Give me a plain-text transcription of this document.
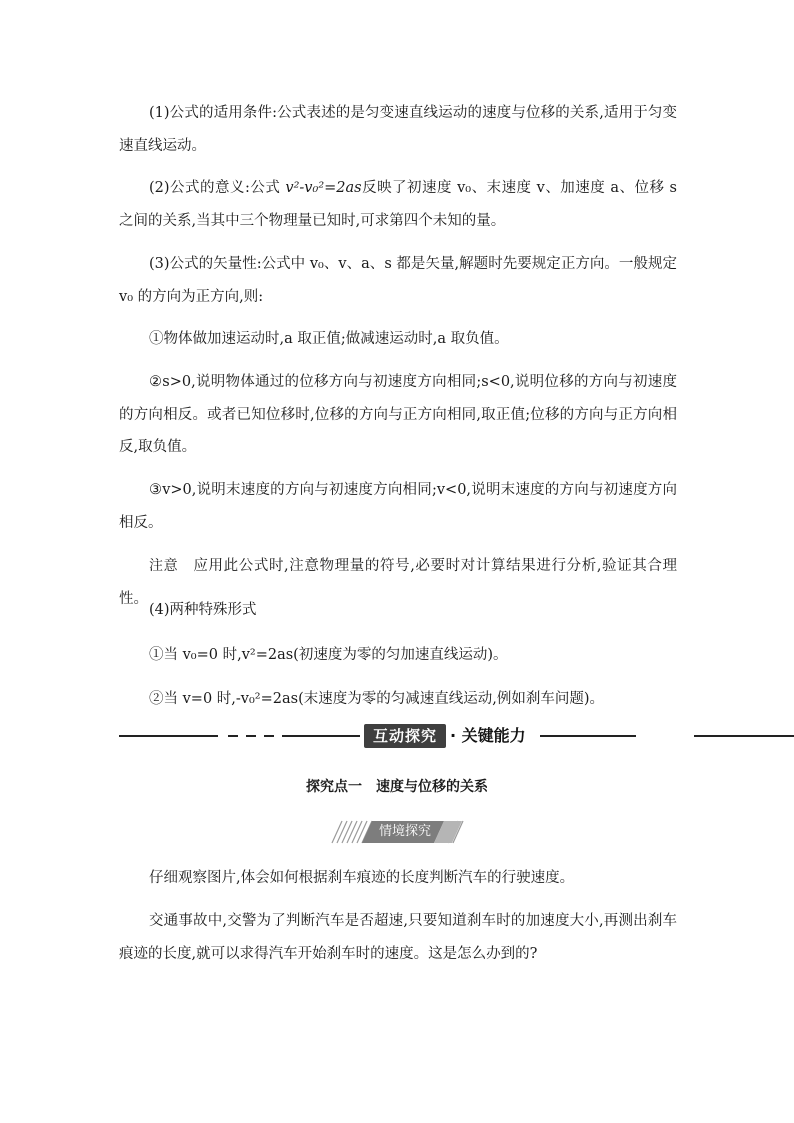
(1)公式的适用条件:公式表述的是匀变速直线运动的速度与位移的关系,适用于匀变速直线运动。

(2)公式的意义:公式 v²-v₀²=2as反映了初速度 v₀、末速度 v、加速度 a、位移 s 之间的关系,当其中三个物理量已知时,可求第四个未知的量。

(3)公式的矢量性:公式中 v₀、v、a、s 都是矢量,解题时先要规定正方向。一般规定 v₀ 的方向为正方向,则:

①物体做加速运动时,a 取正值;做减速运动时,a 取负值。

②s>0,说明物体通过的位移方向与初速度方向相同;s<0,说明位移的方向与初速度的方向相反。或者已知位移时,位移的方向与正方向相同,取正值;位移的方向与正方向相反,取负值。

③v>0,说明末速度的方向与初速度方向相同;v<0,说明末速度的方向与初速度方向相反。

注意　 应用此公式时,注意物理量的符号,必要时对计算结果进行分析,验证其合理性。

(4)两种特殊形式

①当 v₀=0 时,v²=2as(初速度为零的匀加速直线运动)。

②当 v=0 时,-v₀²=2as(末速度为零的匀减速直线运动,例如刹车问题)。

互动探究 · 关键能力
探究点一　速度与位移的关系
情境探究

仔细观察图片,体会如何根据刹车痕迹的长度判断汽车的行驶速度。

交通事故中,交警为了判断汽车是否超速,只要知道刹车时的加速度大小,再测出刹车痕迹的长度,就可以求得汽车开始刹车时的速度。这是怎么办到的?
